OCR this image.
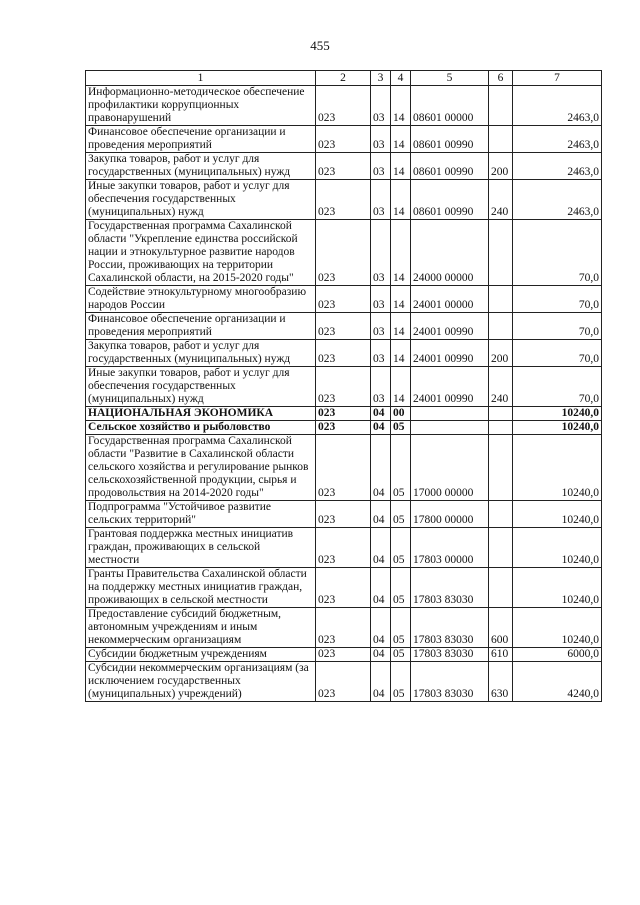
455
1	2	3	4	5	6	7
Информационно-методическое обеспечение профилактики коррупционных правонарушений	023	03	14	08601 00000		2463,0
Финансовое обеспечение организации и проведения мероприятий	023	03	14	08601 00990		2463,0
Закупка товаров, работ и услуг для государственных (муниципальных) нужд	023	03	14	08601 00990	200	2463,0
Иные закупки товаров, работ и услуг для обеспечения государственных (муниципальных) нужд	023	03	14	08601 00990	240	2463,0
Государственная программа Сахалинской области "Укрепление единства российской нации и этнокультурное развитие народов России, проживающих на территории Сахалинской области, на 2015-2020 годы"	023	03	14	24000 00000		70,0
Содействие этнокультурному многообразию народов России	023	03	14	24001 00000		70,0
Финансовое обеспечение организации и проведения мероприятий	023	03	14	24001 00990		70,0
Закупка товаров, работ и услуг для государственных (муниципальных) нужд	023	03	14	24001 00990	200	70,0
Иные закупки товаров, работ и услуг для обеспечения государственных (муниципальных) нужд	023	03	14	24001 00990	240	70,0
НАЦИОНАЛЬНАЯ ЭКОНОМИКА	023	04	00			10240,0
Сельское хозяйство и рыболовство	023	04	05			10240,0
Государственная программа Сахалинской области "Развитие в Сахалинской области сельского хозяйства и регулирование рынков сельскохозяйственной продукции, сырья и продовольствия на 2014-2020 годы"	023	04	05	17000 00000		10240,0
Подпрограмма "Устойчивое развитие сельских территорий"	023	04	05	17800 00000		10240,0
Грантовая поддержка местных инициатив граждан, проживающих в сельской местности	023	04	05	17803 00000		10240,0
Гранты Правительства Сахалинской области на поддержку местных инициатив граждан, проживающих в сельской местности	023	04	05	17803 83030		10240,0
Предоставление субсидий бюджетным, автономным учреждениям и иным некоммерческим организациям	023	04	05	17803 83030	600	10240,0
Субсидии бюджетным учреждениям	023	04	05	17803 83030	610	6000,0
Субсидии некоммерческим организациям (за исключением государственных (муниципальных) учреждений)	023	04	05	17803 83030	630	4240,0
